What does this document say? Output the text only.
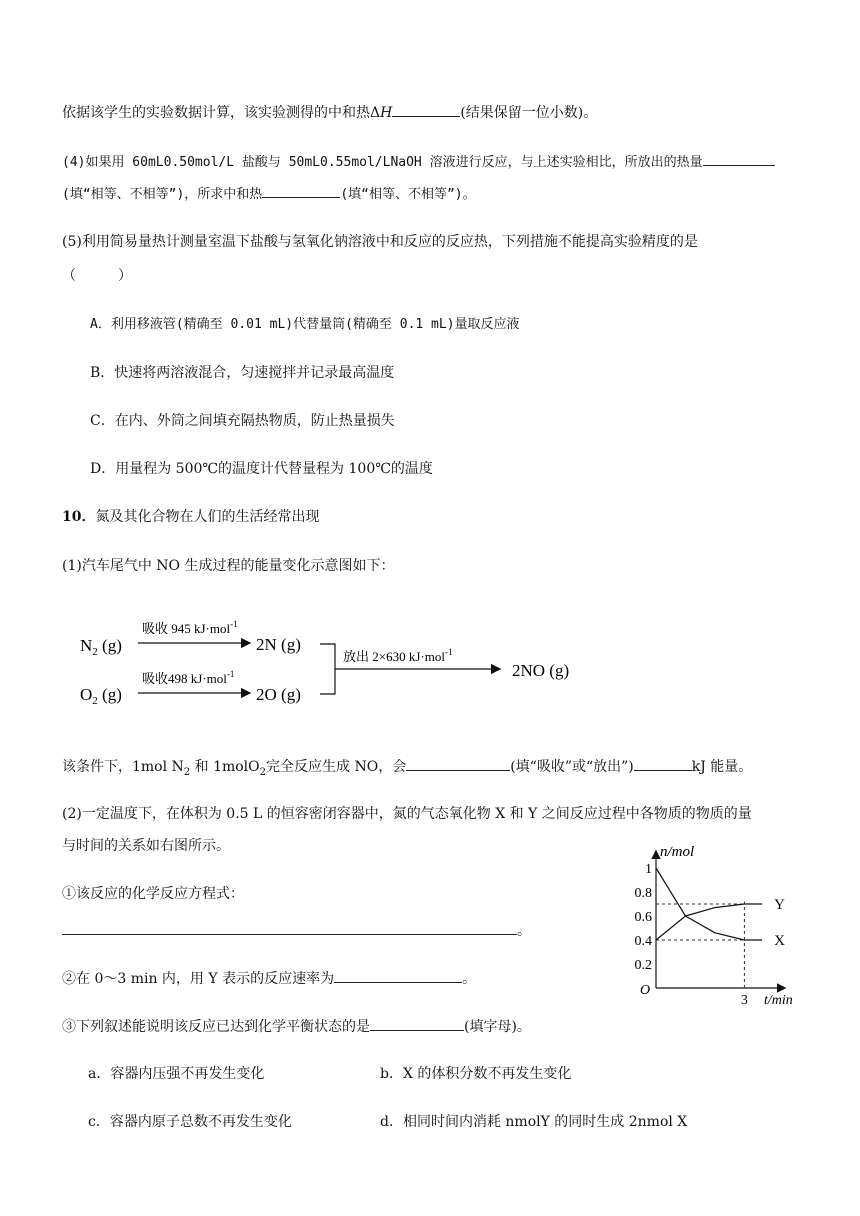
依据该学生的实验数据计算，该实验测得的中和热ΔH	(结果保留一位小数)。
(4)如果用 60mL0.50mol/L 盐酸与 50mL0.55mol/LNaOH 溶液进行反应，与上述实验相比，所放出的热量
(填“相等、不相等”)，所求中和热	(填“相等、不相等”)。
(5)利用简易量热计测量室温下盐酸与氢氧化钠溶液中和反应的反应热，下列措施不能提高实验精度的是
（　　　）
A．利用移液管(精确至 0.01 mL)代替量筒(精确至 0.1 mL)量取反应液
B．快速将两溶液混合，匀速搅拌并记录最高温度
C．在内、外筒之间填充隔热物质，防止热量损失
D．用量程为 500℃的温度计代替量程为 100℃的温度
10．氮及其化合物在人们的生活经常出现
(1)汽车尾气中 NO 生成过程的能量变化示意图如下：
$N_2$ (g)
吸收 945 kJ·mol$^{-1}$
2N (g)
$O_2$ (g)
吸收498 kJ·mol$^{-1}$
2O (g)
放出 2×630 kJ·mol$^{-1}$
2NO (g)
该条件下，1mol $N_2$ 和 1molO$_2$完全反应生成 NO，会	(填“吸收”或“放出”)	kJ 能量。
(2)一定温度下，在体积为 0.5 L 的恒容密闭容器中，氮的气态氧化物 X 和 Y 之间反应过程中各物质的物质的量
与时间的关系如右图所示。
①该反应的化学反应方程式：
。
②在 0～3 min 内，用 Y 表示的反应速率为	。
③下列叙述能说明该反应已达到化学平衡状态的是	(填字母)。
a．容器内压强不再发生变化	b．X 的体积分数不再发生变化
c．容器内原子总数不再发生变化	d．相同时间内消耗 nmolY 的同时生成 2nmol X
1
0.8
0.6
0.4
0.2
3
Y
X
n/mol
t/min
O
